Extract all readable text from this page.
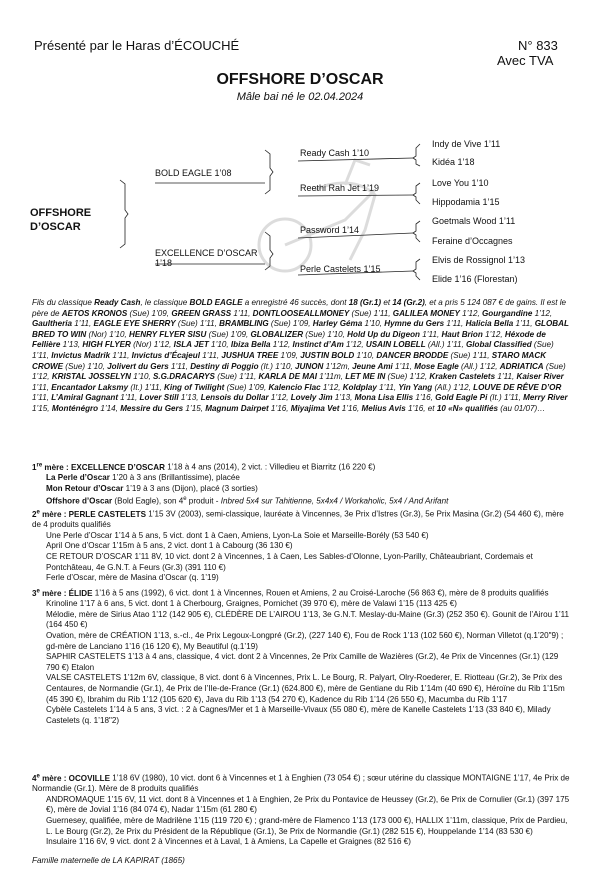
Présenté par le Haras d’ÉCOUCHÉ	N° 833
Avec TVA
OFFSHORE D’OSCAR
Mâle bai né le 02.04.2024
OFFSHORE
D’OSCAR
BOLD EAGLE 1’08
EXCELLENCE D’OSCAR
1’18
Ready Cash 1’10
Reethi Rah Jet 1’19
Password 1’14
Perle Castelets 1’15
Indy de Vive 1’11
Kidéa 1’18
Love You 1’10
Hippodamia 1’15
Goetmals Wood 1’11
Feraine d’Occagnes
Elvis de Rossignol 1’13
Elide 1’16 (Florestan)
Fils du classique Ready Cash, le classique BOLD EAGLE a enregistré 46 succès, dont 18 (Gr.1) et 14 (Gr.2), et a pris 5 124 087 € de gains. Il est le père de AETOS KRONOS (Sue) 1’09, GREEN GRASS 1’11, DONTLOOSEALLMONEY (Sue) 1’11, GALILEA MONEY 1’12, Gourgandine 1’12, Gaultheria 1’11, EAGLE EYE SHERRY (Sue) 1’11, BRAMBLING (Sue) 1’09, Harley Géma 1’10, Hymne du Gers 1’11, Halicia Bella 1’11, GLOBAL BRED TO WIN (Nor) 1’10, HENRY FLYER SISU (Sue) 1’09, GLOBALIZER (Sue) 1’10, Hold Up du Digeon 1’11, Haut Brion 1’12, Héxode de Fellière 1’13, HIGH FLYER (Nor) 1’12, ISLA JET 1’10, Ibiza Bella 1’12, Instinct d’Am 1’12, USAIN LOBELL (All.) 1’11, Global Classified (Sue) 1’11, Invictus Madrik 1’11, Invictus d’Écajeul 1’11, JUSHUA TREE 1’09, JUSTIN BOLD 1’10, DANCER BRODDE (Sue) 1’11, STARO MACK CROWE (Sue) 1’10, Jolivert du Gers 1’11, Destiny di Poggio (It.) 1’10, JUNON 1’12m, Jeune Ami 1’11, Mose Eagle (All.) 1’12, ADRIATICA (Sue) 1’12, KRISTAL JOSSELYN 1’10, S.G.DRACARYS (Sue) 1’11, KARLA DE MAI 1’11m, LET ME IN (Sue) 1’12, Kraken Castelets 1’11, Kaiser River 1’11, Encantador Laksmy (It.) 1’11, King of Twilight (Sue) 1’09, Kalencio Flac 1’12, Koldplay 1’11, Yin Yang (All.) 1’12, LOUVE DE RÊVE D’OR 1’11, L’Amiral Gagnant 1’11, Lover Still 1’13, Lensois du Dollar 1’12, Lovely Jim 1’13, Mona Lisa Ellis 1’16, Gold Eagle Pi (It.) 1’11, Merry River 1’15, Monténégro 1’14, Messire du Gers 1’15, Magnum Dairpet 1’16, Miyajima Vet 1’16, Melius Avis 1’16, et 10 «N» qualifiés (au 01/07)…
1re mère : EXCELLENCE D’OSCAR 1’18 à 4 ans (2014), 2 vict. : Villedieu et Biarritz (16 220 €)
La Perle d’Oscar 1’20 à 3 ans (Brillantissime), placée
Mon Retour d’Oscar 1’19 à 3 ans (Dijon), placé (3 sorties)
Offshore d’Oscar (Bold Eagle), son 4e produit - Inbred 5x4 sur Tahitienne, 5x4x4 / Workaholic, 5x4 / And Arifant
2e mère : PERLE CASTELETS 1’15 3V (2003), semi-classique, lauréate à Vincennes, 3e Prix d’Istres (Gr.3), 5e Prix Masina (Gr.2) (54 460 €), mère de 4 produits qualifiés
Une Perle d’Oscar 1’14 à 5 ans, 5 vict. dont 1 à Caen, Amiens, Lyon-La Soie et Marseille-Borély (53 540 €)
April One d’Oscar 1’15m à 5 ans, 2 vict. dont 1 à Cabourg (36 130 €)
CE RETOUR D’OSCAR 1’11 8V, 10 vict. dont 2 à Vincennes, 1 à Caen, Les Sables-d’Olonne, Lyon-Parilly, Châteaubriant, Cordemais et Pontchâteau, 4e G.N.T. à Feurs (Gr.3) (391 110 €)
Ferle d’Oscar, mère de Masina d’Oscar (q. 1’19)
3e mère : ÉLIDE 1’16 à 5 ans (1992), 6 vict. dont 1 à Vincennes, Rouen et Amiens, 2 au Croisé-Laroche (56 863 €), mère de 8 produits qualifiés
Krinoline 1’17 à 6 ans, 5 vict. dont 1 à Cherbourg, Graignes, Pornichet (39 970 €), mère de Valawi 1’15 (113 425 €)
Mélodie, mère de Sirius Atao 1’12 (142 905 €), CLÉDÈRE DE L’AIROU 1’13, 3e G.N.T. Meslay-du-Maine (Gr.3) (252 350 €). Gounit de l’Airou 1’11 (164 450 €)
Ovation, mère de CRÉATION 1’13, s.-cl., 4e Prix Legoux-Longpré (Gr.2), (227 140 €), Fou de Rock 1’13 (102 560 €), Norman Villetot (q.1’20"9) ; gd-mère de Lanciano 1’16 (16 120 €), My Beautiful (q.1’19)
SAPHIR CASTELETS 1’13 à 4 ans, classique, 4 vict. dont 2 à Vincennes, 2e Prix Camille de Wazières (Gr.2), 4e Prix de Vincennes (Gr.1) (129 790 €) Etalon
VALSE CASTELETS 1’12m 6V, classique, 8 vict. dont 6 à Vincennes, Prix L. Le Bourg, R. Palyart, Olry-Roederer, E. Riotteau (Gr.2), 3e Prix des Centaures, de Normandie (Gr.1), 4e Prix de l’Ile-de-France (Gr.1) (624.800 €), mère de Gentiane du Rib 1’14m (40 690 €), Héroïne du Rib 1’15m (45 390 €), Ibrahim du Rib 1’12 (105 620 €), Java du Rib 1’13 (54 270 €), Kadence du Rib 1’14 (26 550 €), Macumba du Rib 1’17
Cybèle Castelets 1’14 à 5 ans, 3 vict. : 2 à Cagnes/Mer et 1 à Marseille-Vivaux (55 080 €), mère de Kanelle Castelets 1’13 (33 840 €), Milady Castelets (q. 1’18"2)
4e mère : OCOVILLE 1’18 6V (1980), 10 vict. dont 6 à Vincennes et 1 à Enghien (73 054 €) ; sœur utérine du classique MONTAIGNE 1’17, 4e Prix de Normandie (Gr.1). Mère de 8 produits qualifiés
ANDROMAQUE 1’15 6V, 11 vict. dont 8 à Vincennes et 1 à Enghien, 2e Prix du Pontavice de Heussey (Gr.2), 6e Prix de Cornulier (Gr.1) (397 175 €), mère de Jovial 1’16 (84 074 €), Nadar 1’15m (61 280 €)
Guernesey, qualifiée, mère de Madrilène 1’15 (119 720 €) ; grand-mère de Flamenco 1’13 (173 000 €), HALLIX 1’11m, classique, Prix de Pardieu, L. Le Bourg (Gr.2), 2e Prix du Président de la République (Gr.1), 3e Prix de Normandie (Gr.1) (282 515 €), Houppelande 1’14 (83 530 €)
Insulaire 1’16 6V, 9 vict. dont 2 à Vincennes et à Laval, 1 à Amiens, La Capelle et Graignes (82 516 €)
Famille maternelle de LA KAPIRAT (1865)
